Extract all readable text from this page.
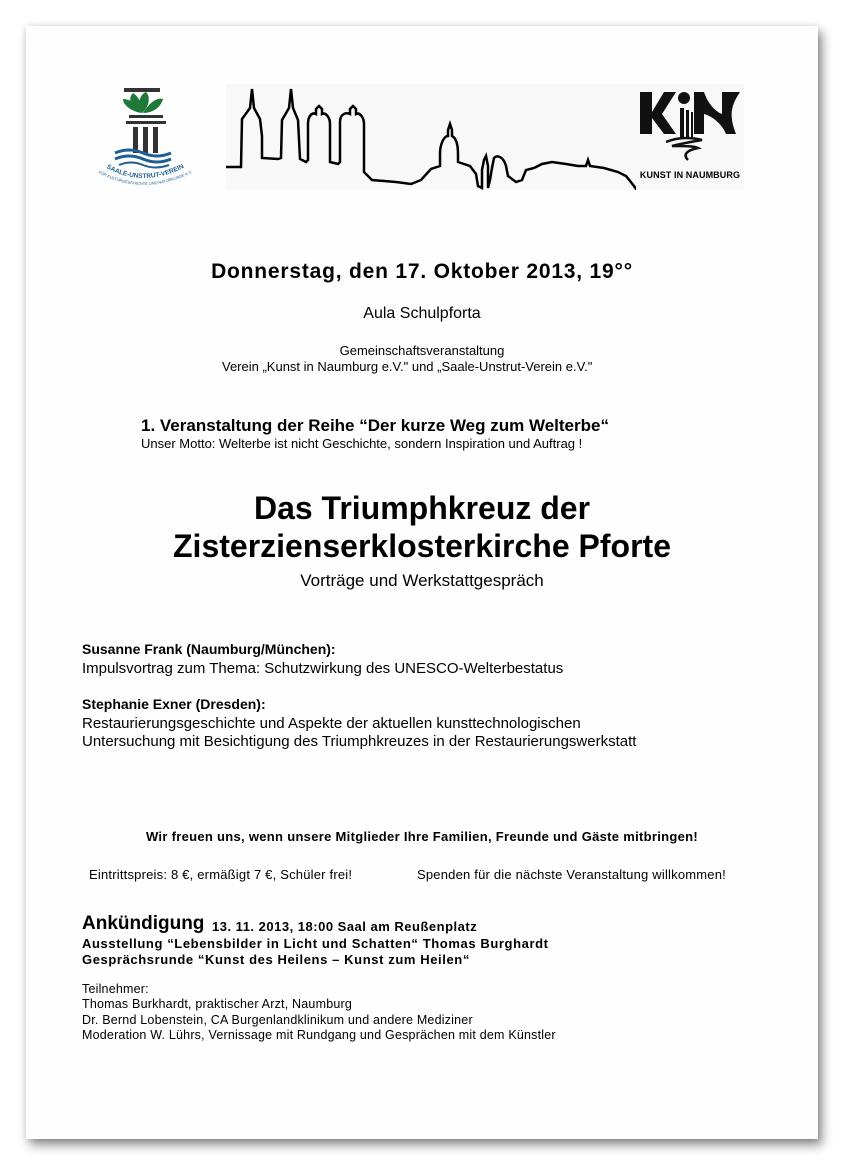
SAALE-UNSTRUT-VEREIN
FÜR KULTURGESCHICHTE UND NATURKUNDE e.V.	KUNST IN NAUMBURG
Donnerstag, den 17. Oktober 2013, 19°°
Aula Schulpforta
Gemeinschaftsveranstaltung
Verein „Kunst in Naumburg e.V." und „Saale-Unstrut-Verein e.V."
1. Veranstaltung der Reihe “Der kurze Weg zum Welterbe“
Unser Motto: Welterbe ist nicht Geschichte, sondern Inspiration und Auftrag !
Das Triumphkreuz der
Zisterzienserklosterkirche Pforte
Vorträge und Werkstattgespräch
Susanne Frank (Naumburg/München):
Impulsvortrag zum Thema: Schutzwirkung des UNESCO-Welterbestatus
Stephanie Exner (Dresden):
Restaurierungsgeschichte und Aspekte der aktuellen kunsttechnologischen
Untersuchung mit Besichtigung des Triumphkreuzes in der Restaurierungswerkstatt
Wir freuen uns, wenn unsere Mitglieder Ihre Familien, Freunde und Gäste mitbringen!
Eintrittspreis: 8 €, ermäßigt 7 €, Schüler frei!	Spenden für die nächste Veranstaltung willkommen!
Ankündigung 13. 11. 2013, 18:00 Saal am Reußenplatz
Ausstellung “Lebensbilder in Licht und Schatten“ Thomas Burghardt
Gesprächsrunde “Kunst des Heilens – Kunst zum Heilen“
Teilnehmer:
Thomas Burkhardt, praktischer Arzt, Naumburg
Dr. Bernd Lobenstein, CA Burgenlandklinikum und andere Mediziner
Moderation W. Lührs, Vernissage mit Rundgang und Gesprächen mit dem Künstler
